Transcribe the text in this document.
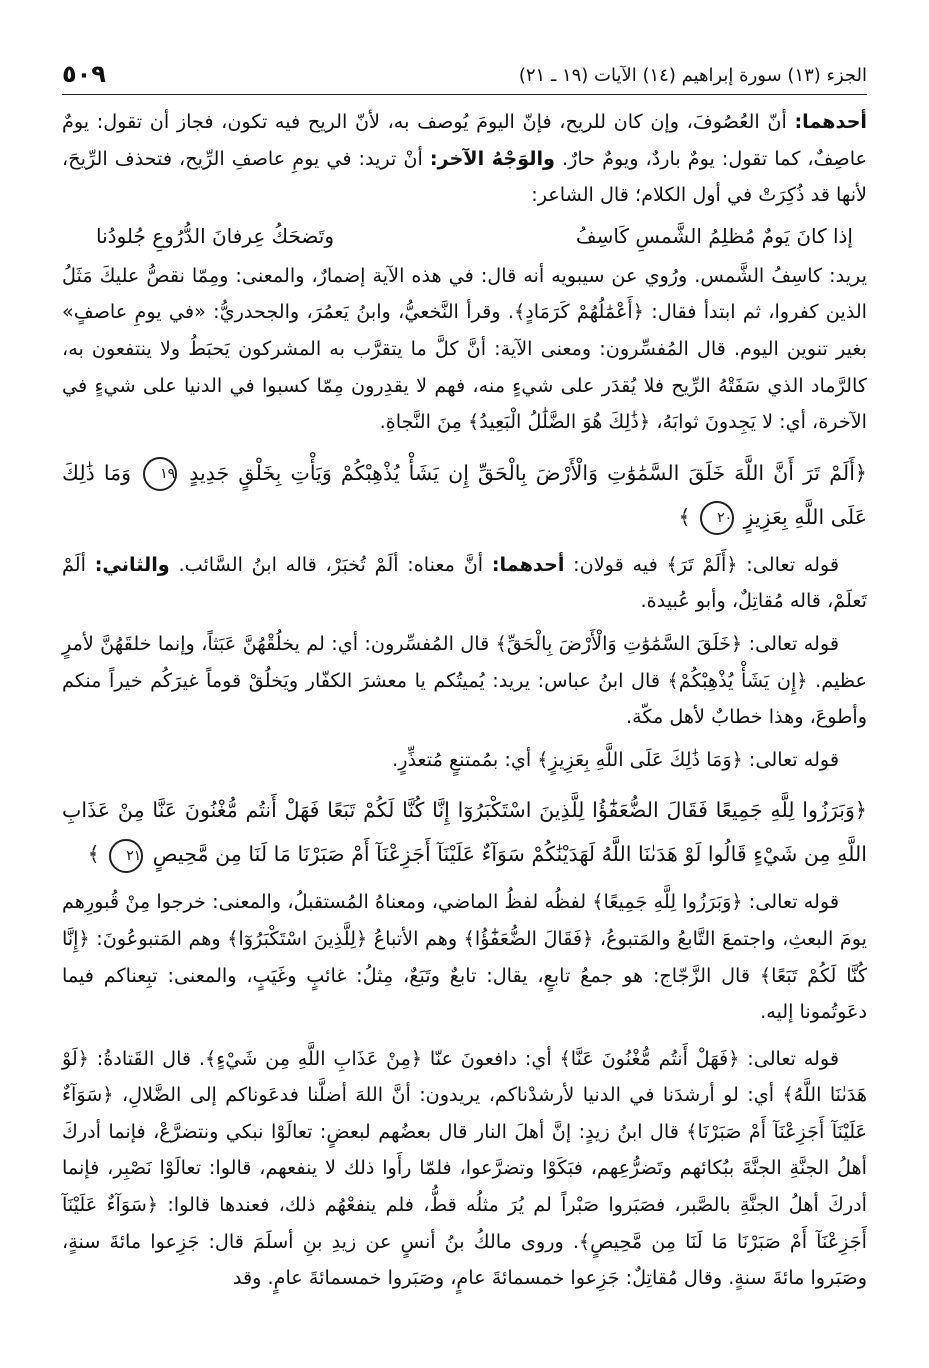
الجزء (١٣) سورة إبراهيم (١٤) الآيات (١٩ ـ ٢١)
٥٠٩

أحدهما: أنّ العُصُوفَ، وإن كان للريح، فإنّ اليومَ يُوصف به، لأنّ الريح فيه تكون، فجاز أن تقول: يومٌ عاصِفٌ، كما تقول: يومٌ باردٌ، ويومٌ حارٌ. والوَجْهُ الآخر: أنْ تريد: في يومِ عاصفِ الرِّيح، فتحذف الرِّيحَ، لأنها قد ذُكِرَتْ في أول الكلام؛ قال الشاعر:

إذا كانَ يَومٌ مُظلِمُ الشَّمسِ كَاسِفُ
وتَضحَكُ عِرفانَ الدُّرُوعِ جُلودُنا

يريد: كاسِفُ الشَّمس. ورُوي عن سيبويه أنه قال: في هذه الآية إضمارٌ، والمعنى: ومِمّا نقصُّ عليكَ مَثَلُ الذين كفروا، ثم ابتدأ فقال: ﴿أَعْمَٰلُهُمْ كَرَمَادٍ﴾. وقرأ النَّخعيُّ، وابنُ يَعمُرَ، والجحدريُّ: «في يومِ عاصفٍ» بغير تنوين اليوم. قال المُفسِّرون: ومعنى الآية: أنَّ كلَّ ما يتقرَّب به المشركون يَحبَطُ ولا ينتفعون به، كالرَّماد الذي سَفَتْهُ الرِّيح فلا يُقدَر على شيءٍ منه، فهم لا يقدِرون مِمّا كسبوا في الدنيا على شيءٍ في الآخرة، أي: لا يَجِدونَ ثوابَهُ، ﴿ذَٰلِكَ هُوَ الضَّلَٰلُ الْبَعِيدُ﴾ مِنَ النَّجاةِ.

﴿أَلَمْ تَرَ أَنَّ اللَّهَ خَلَقَ السَّمَٰوَٰتِ وَالْأَرْضَ بِالْحَقِّ إِن يَشَأْ يُذْهِبْكُمْ وَيَأْتِ بِخَلْقٍ جَدِيدٍ ١٩ وَمَا ذَٰلِكَ عَلَى اللَّهِ بِعَزِيزٍ ٢٠ ﴾

قوله تعالى: ﴿أَلَمْ تَرَ﴾ فيه قولان: أحدهما: أنَّ معناه: ألَمْ تُخبَرْ، قاله ابنُ السَّائب. والثاني: ألَمْ تَعلَمْ، قاله مُقاتِلٌ، وأبو عُبيدة.

قوله تعالى: ﴿خَلَقَ السَّمَٰوَٰتِ وَالْأَرْضَ بِالْحَقِّ﴾ قال المُفسِّرون: أي: لم يخلُقْهُنَّ عَبَثاً، وإنما خلقَهُنَّ لأمرٍ عظيم. ﴿إِن يَشَأْ يُذْهِبْكُمْ﴾ قال ابنُ عباس: يريد: يُميتُكم يا معشرَ الكفّار ويَخلُقْ قوماً غيرَكُم خيراً منكم وأطوعَ، وهذا خطابٌ لأهل مكّة.

قوله تعالى: ﴿وَمَا ذَٰلِكَ عَلَى اللَّهِ بِعَزِيزٍ﴾ أي: بمُمتنعٍ مُتعذِّرٍ.

﴿وَبَرَزُوا لِلَّهِ جَمِيعًا فَقَالَ الضُّعَفَٰٓؤُا لِلَّذِينَ اسْتَكْبَرُوٓا إِنَّا كُنَّا لَكُمْ تَبَعًا فَهَلْ أَنتُم مُّغْنُونَ عَنَّا مِنْ عَذَابِ اللَّهِ مِن شَيْءٍ قَالُوا لَوْ هَدَىٰنَا اللَّهُ لَهَدَيْنَٰكُمْ سَوَآءٌ عَلَيْنَآ أَجَزِعْنَآ أَمْ صَبَرْنَا مَا لَنَا مِن مَّحِيصٍ ٢١ ﴾

قوله تعالى: ﴿وَبَرَزُوا لِلَّهِ جَمِيعًا﴾ لفظُه لفظُ الماضي، ومعناهُ المُستقبلُ، والمعنى: خرجوا مِنْ قُبورِهم يومَ البعثِ، واجتمعَ التَّابعُ والمَتبوعُ، ﴿فَقَالَ الضُّعَفَٰٓؤُا﴾ وهم الأتباعُ ﴿لِلَّذِينَ اسْتَكْبَرُوٓا﴾ وهم المَتبوعُونَ: ﴿إِنَّا كُنَّا لَكُمْ تَبَعًا﴾ قال الزَّجّاج: هو جمعُ تابعٍ، يقال: تابعٌ وتَبَعٌ، مِثلُ: غائبٍ وغَيَبٍ، والمعنى: تبِعناكم فيما دعَوتُمونا إليه.

قوله تعالى: ﴿فَهَلْ أَنتُم مُّغْنُونَ عَنَّا﴾ أي: دافعونَ عنّا ﴿مِنْ عَذَابِ اللَّهِ مِن شَيْءٍ﴾. قال القَتادةُ: ﴿لَوْ هَدَىٰنَا اللَّهُ﴾ أي: لو أرشدَنا في الدنيا لأرشدْناكم، يريدون: أنَّ اللهَ أضلَّنا فدعَوناكم إلى الضَّلالِ، ﴿سَوَآءٌ عَلَيْنَآ أَجَزِعْنَآ أَمْ صَبَرْنَا﴾ قال ابنُ زيدٍ: إنَّ أهلَ النار قال بعضُهم لبعضٍ: تعالَوْا نبكي ونتضرَّعْ، فإنما أدركَ أهلُ الجنَّةِ الجنَّةَ ببُكائهم وتَضرُّعِهم، فبَكَوْا وتضرَّعوا، فلمّا رأَوا ذلك لا ينفعهم، قالوا: تعالَوْا نَصْبِر، فإنما أدركَ أهلُ الجنَّةِ بالصَّبر، فصَبَروا صَبْراً لم يُرَ مثلُه قطُّ، فلم ينفعْهُم ذلك، فعندها قالوا: ﴿سَوَآءٌ عَلَيْنَآ أَجَزِعْنَآ أَمْ صَبَرْنَا مَا لَنَا مِن مَّحِيصٍ﴾. وروى مالكُ بنُ أنسٍ عن زيدِ بنِ أسلَمَ قال: جَزِعوا مائةَ سنةٍ، وصَبَروا مائةَ سنةٍ. وقال مُقاتِلٌ: جَزِعوا خمسمائةَ عامٍ، وصَبَروا خمسمائةَ عامٍ. وقد
